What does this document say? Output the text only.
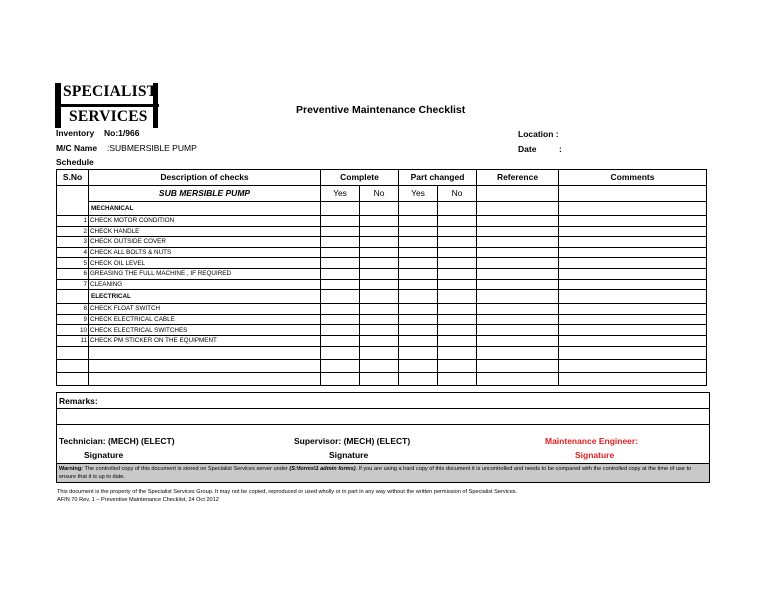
SPECIALIST
SERVICES	Preventive Maintenance Checklist
Inventory No:1/966
M/C Name :SUBMERSIBLE PUMP
Schedule
Location :
Date	:
S.No	Description of checks	Complete		Part changed		Reference	Comments
	SUB MERSIBLE PUMP	Yes	No	Yes	No		
	MECHANICAL						
1	CHECK MOTOR CONDITION						
2	CHECK HANDLE						
3	CHECK OUTSIDE COVER						
4	CHECK ALL BOLTS & NUTS						
5	CHECK OIL LEVEL						
6	GREASING THE FULL MACHINE , IF REQUIRED						
7	CLEANING						
	ELECTRICAL						
8	CHECK FLOAT SWITCH						
9	CHECK ELECTRICAL CABLE						
10	CHECK ELECTRICAL SWITCHES						
11	CHECK PM STICKER ON THE EQUIPMENT						

Remarks:

Technician: (MECH) (ELECT)
Signature
Supervisor: (MECH) (ELECT)
Signature
Maintenance Engineer:
Signature

Warning: The controlled copy of this document is stored on Specialist Services server under (S:\forms\1 admin forms). If you are using a hard copy of this document it is uncontrolled and needs to be compared with the controlled copy at the time of use to ensure that it is up to date.
This document is the property of the Specialist Services Group. It may not be copied, reproduced or used wholly or in part in any way without the written permission of Specialist Services.
AFIN 70 Rev. 1 – Preventive Maintenance Checklist, 24 Oct 2012
